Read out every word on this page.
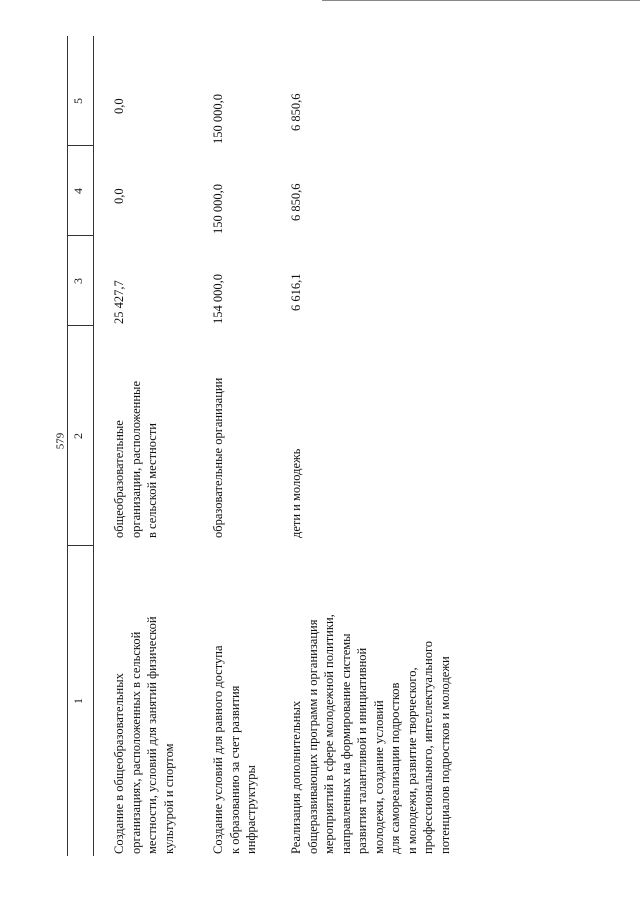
579
1
2
3
4
5
Создание в общеобразовательных
организациях, расположенных в сельской
местности, условий для занятий физической
культурой и спортом
общеобразовательные
организации, расположенные
в сельской местности
25 427,7
0,0
0,0
Создание условий для равного доступа
к образованию за счет развития
инфраструктуры
образовательные организации
154 000,0
150 000,0
150 000,0
Реализация дополнительных
общеразвивающих программ и организация
мероприятий в сфере молодежной политики,
направленных на формирование системы
развития талантливой и инициативной
молодежи, создание условий
для самореализации подростков
и молодежи, развитие творческого,
профессионального, интеллектуального
потенциалов подростков и молодежи
дети и молодежь
6 616,1
6 850,6
6 850,6
